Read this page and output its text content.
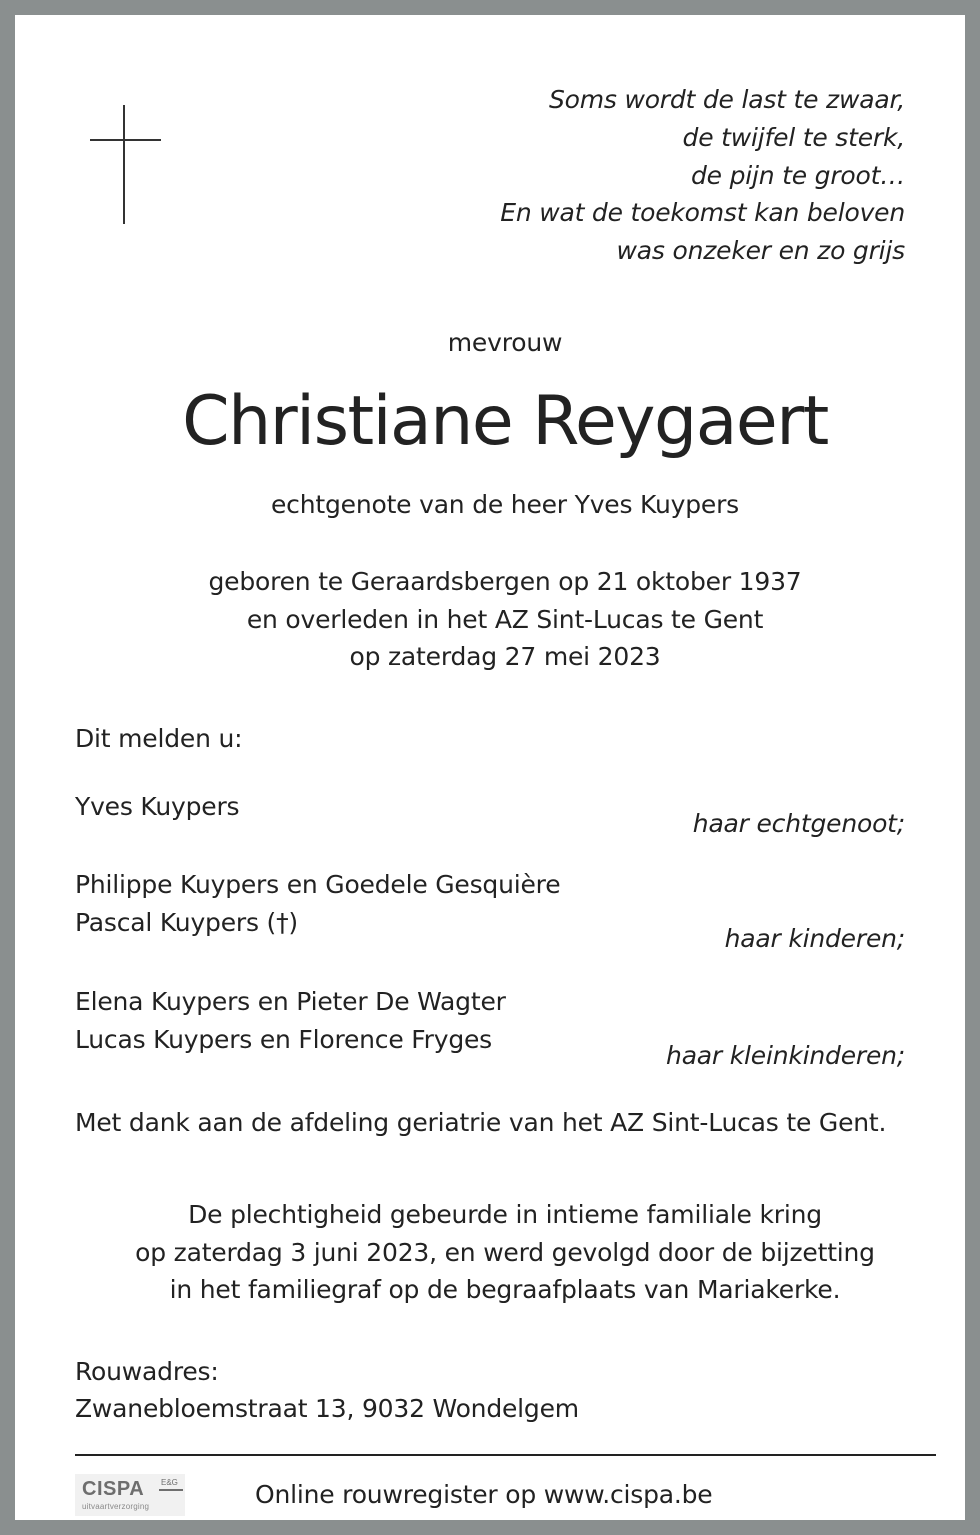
Soms wordt de last te zwaar,
de twijfel te sterk,
de pijn te groot…
En wat de toekomst kan beloven
was onzeker en zo grijs
mevrouw
Christiane Reygaert
echtgenote van de heer Yves Kuypers
geboren te Geraardsbergen op 21 oktober 1937
en overleden in het AZ Sint-Lucas te Gent
op zaterdag 27 mei 2023
Dit melden u:
Yves Kuypers
haar echtgenoot;
Philippe Kuypers en Goedele Gesquière
Pascal Kuypers (†)
haar kinderen;
Elena Kuypers en Pieter De Wagter
Lucas Kuypers en Florence Fryges
haar kleinkinderen;
Met dank aan de afdeling geriatrie van het AZ Sint-Lucas te Gent.
De plechtigheid gebeurde in intieme familiale kring
op zaterdag 3 juni 2023, en werd gevolgd door de bijzetting
in het familiegraf op de begraafplaats van Mariakerke.
Rouwadres:
Zwanebloemstraat 13, 9032 Wondelgem
CISPA E&G
uitvaartverzorging	Online rouwregister op www.cispa.be
